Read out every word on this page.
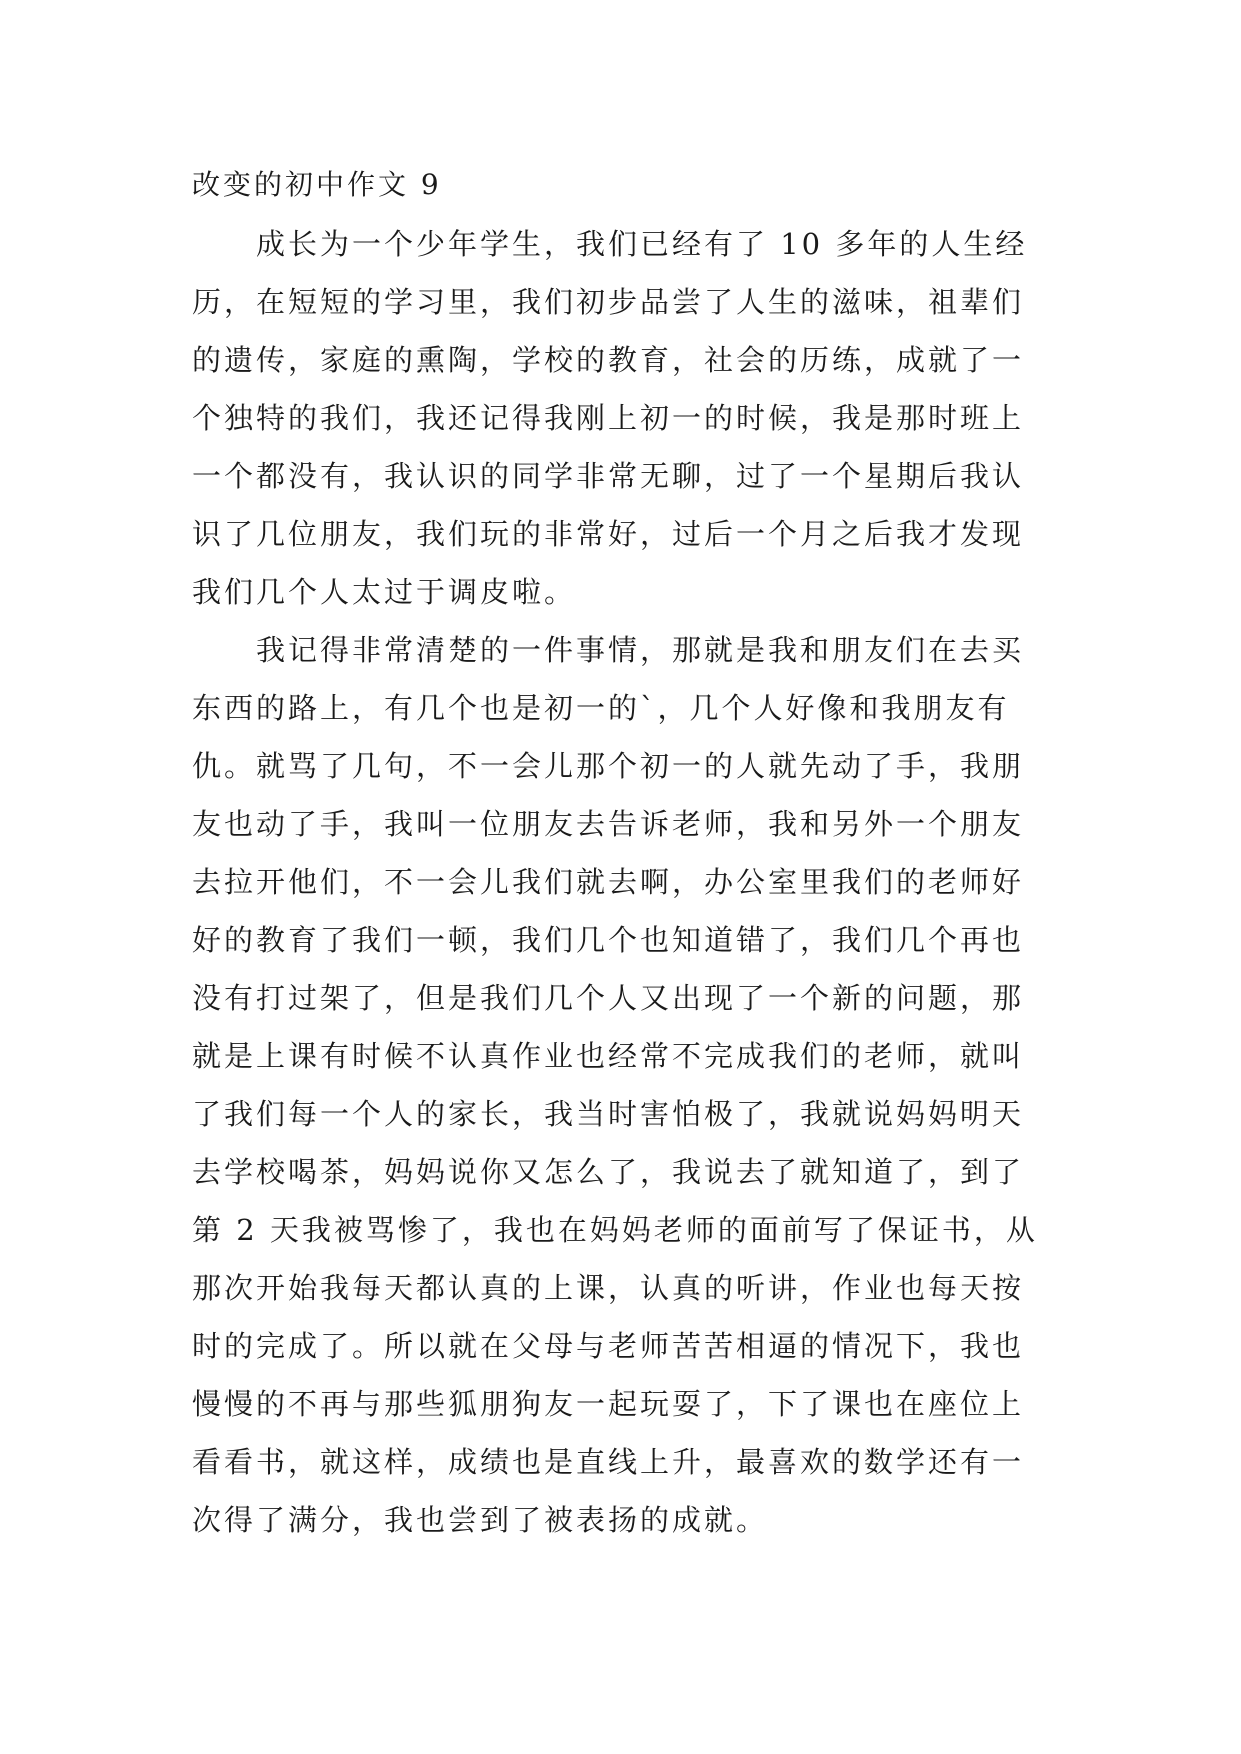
改变的初中作文 9
成长为一个少年学生，我们已经有了 10 多年的人生经
历，在短短的学习里，我们初步品尝了人生的滋味，祖辈们
的遗传，家庭的熏陶，学校的教育，社会的历练，成就了一
个独特的我们，我还记得我刚上初一的时候，我是那时班上
一个都没有，我认识的同学非常无聊，过了一个星期后我认
识了几位朋友，我们玩的非常好，过后一个月之后我才发现
我们几个人太过于调皮啦。
我记得非常清楚的一件事情，那就是我和朋友们在去买
东西的路上，有几个也是初一的`，几个人好像和我朋友有
仇。就骂了几句，不一会儿那个初一的人就先动了手，我朋
友也动了手，我叫一位朋友去告诉老师，我和另外一个朋友
去拉开他们，不一会儿我们就去啊，办公室里我们的老师好
好的教育了我们一顿，我们几个也知道错了，我们几个再也
没有打过架了，但是我们几个人又出现了一个新的问题，那
就是上课有时候不认真作业也经常不完成我们的老师，就叫
了我们每一个人的家长，我当时害怕极了，我就说妈妈明天
去学校喝茶，妈妈说你又怎么了，我说去了就知道了，到了
第 2 天我被骂惨了，我也在妈妈老师的面前写了保证书，从
那次开始我每天都认真的上课，认真的听讲，作业也每天按
时的完成了。所以就在父母与老师苦苦相逼的情况下，我也
慢慢的不再与那些狐朋狗友一起玩耍了，下了课也在座位上
看看书，就这样，成绩也是直线上升，最喜欢的数学还有一
次得了满分，我也尝到了被表扬的成就。
